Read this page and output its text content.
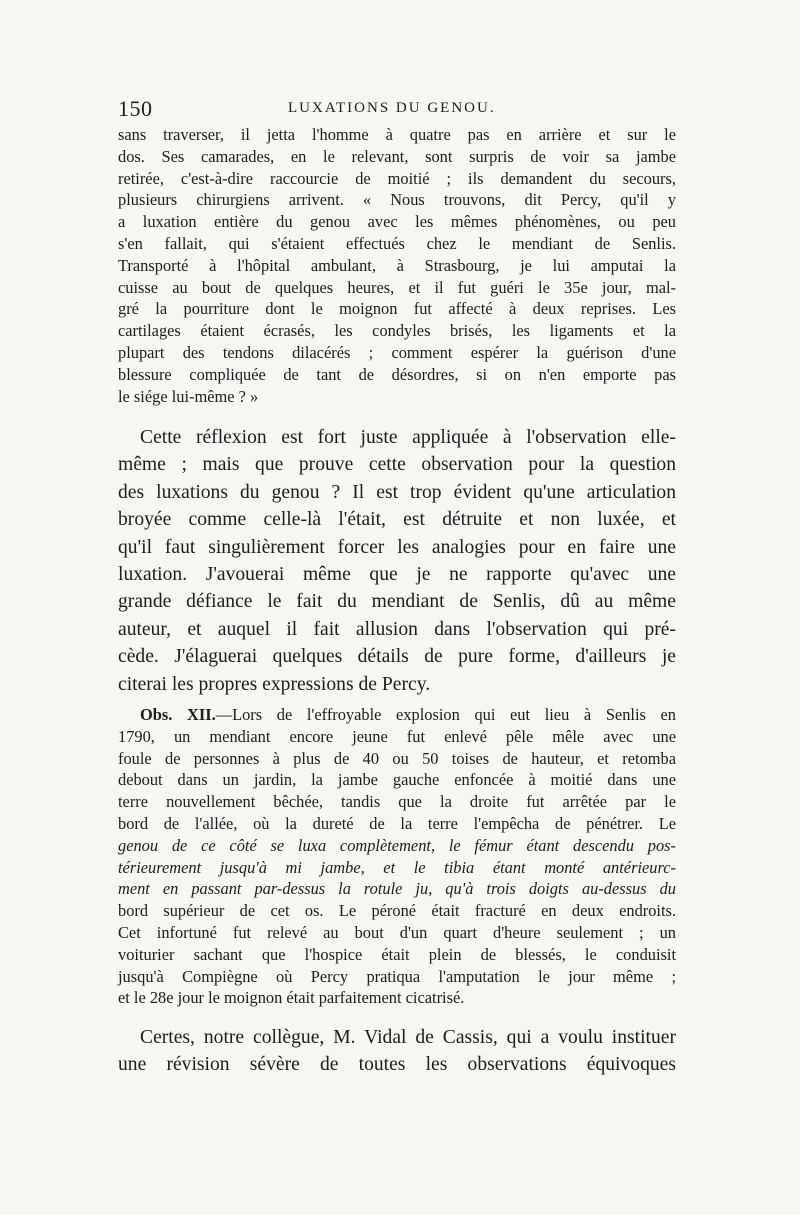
150	LUXATIONS DU GENOU.
sans traverser, il jetta l'homme à quatre pas en arrière et sur le
dos. Ses camarades, en le relevant, sont surpris de voir sa jambe
retirée, c'est-à-dire raccourcie de moitié ; ils demandent du secours,
plusieurs chirurgiens arrivent. « Nous trouvons, dit Percy, qu'il y
a luxation entière du genou avec les mêmes phénomènes, ou peu
s'en fallait, qui s'étaient effectués chez le mendiant de Senlis.
Transporté à l'hôpital ambulant, à Strasbourg, je lui amputai la
cuisse au bout de quelques heures, et il fut guéri le 35e jour, mal-
gré la pourriture dont le moignon fut affecté à deux reprises. Les
cartilages étaient écrasés, les condyles brisés, les ligaments et la
plupart des tendons dilacérés ; comment espérer la guérison d'une
blessure compliquée de tant de désordres, si on n'en emporte pas
le siége lui-même ? »
Cette réflexion est fort juste appliquée à l'observation elle-
même ; mais que prouve cette observation pour la question
des luxations du genou ? Il est trop évident qu'une articulation
broyée comme celle-là l'était, est détruite et non luxée, et
qu'il faut singulièrement forcer les analogies pour en faire une
luxation. J'avouerai même que je ne rapporte qu'avec une
grande défiance le fait du mendiant de Senlis, dû au même
auteur, et auquel il fait allusion dans l'observation qui pré-
cède. J'élaguerai quelques détails de pure forme, d'ailleurs je
citerai les propres expressions de Percy.
Obs. XII.—Lors de l'effroyable explosion qui eut lieu à Senlis en
1790, un mendiant encore jeune fut enlevé pêle mêle avec une
foule de personnes à plus de 40 ou 50 toises de hauteur, et retomba
debout dans un jardin, la jambe gauche enfoncée à moitié dans une
terre nouvellement bêchée, tandis que la droite fut arrêtée par le
bord de l'allée, où la dureté de la terre l'empêcha de pénétrer. Le
genou de ce côté se luxa complètement, le fémur étant descendu pos-
térieurement jusqu'à mi jambe, et le tibia étant monté antérieurc-
ment en passant par-dessus la rotule ju, qu'à trois doigts au-dessus du
bord supérieur de cet os. Le péroné était fracturé en deux endroits.
Cet infortuné fut relevé au bout d'un quart d'heure seulement ; un
voiturier sachant que l'hospice était plein de blessés, le conduisit
jusqu'à Compiègne où Percy pratiqua l'amputation le jour même ;
et le 28e jour le moignon était parfaitement cicatrisé.
Certes, notre collègue, M. Vidal de Cassis, qui a voulu instituer
une révision sévère de toutes les observations équivoques
